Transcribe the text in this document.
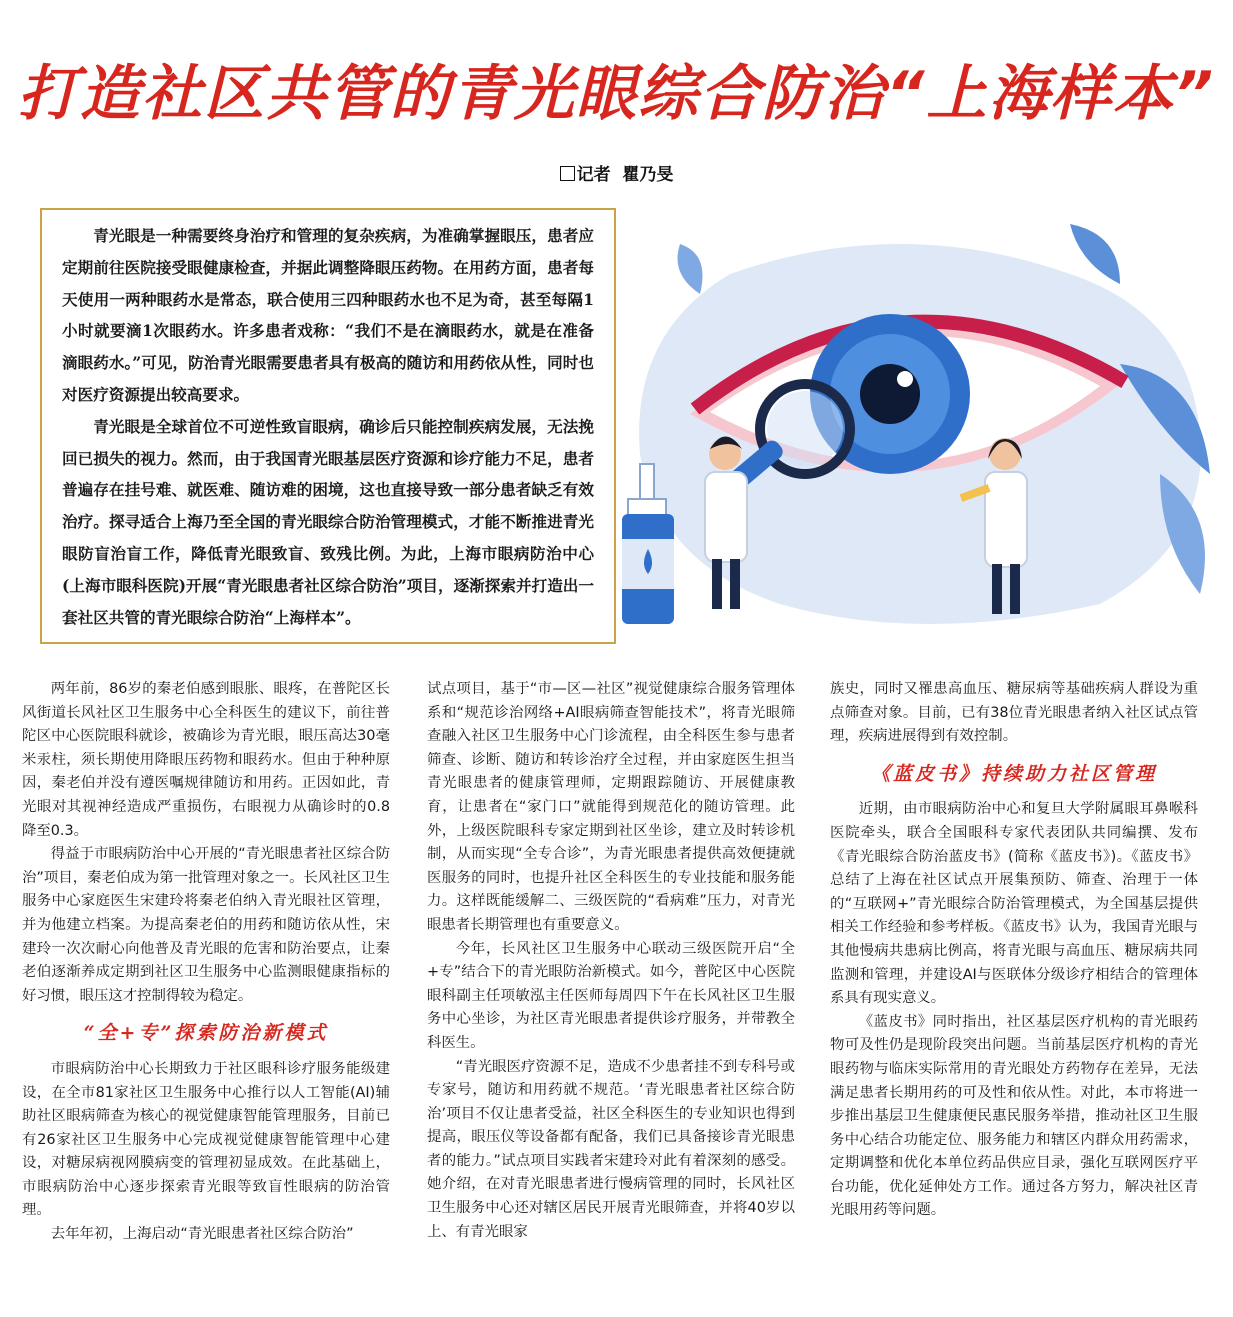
打造社区共管的青光眼综合防治“上海样本”
记者 瞿乃旻

青光眼是一种需要终身治疗和管理的复杂疾病，为准确掌握眼压，患者应定期前往医院接受眼健康检查，并据此调整降眼压药物。在用药方面，患者每天使用一两种眼药水是常态，联合使用三四种眼药水也不足为奇，甚至每隔1小时就要滴1次眼药水。许多患者戏称：“我们不是在滴眼药水，就是在准备滴眼药水。”可见，防治青光眼需要患者具有极高的随访和用药依从性，同时也对医疗资源提出较高要求。

青光眼是全球首位不可逆性致盲眼病，确诊后只能控制疾病发展，无法挽回已损失的视力。然而，由于我国青光眼基层医疗资源和诊疗能力不足，患者普遍存在挂号难、就医难、随访难的困境，这也直接导致一部分患者缺乏有效治疗。探寻适合上海乃至全国的青光眼综合防治管理模式，才能不断推进青光眼防盲治盲工作，降低青光眼致盲、致残比例。为此，上海市眼病防治中心(上海市眼科医院)开展“青光眼患者社区综合防治”项目，逐渐探索并打造出一套社区共管的青光眼综合防治“上海样本”。

两年前，86岁的秦老伯感到眼胀、眼疼，在普陀区长风街道长风社区卫生服务中心全科医生的建议下，前往普陀区中心医院眼科就诊，被确诊为青光眼，眼压高达30毫米汞柱，须长期使用降眼压药物和眼药水。但由于种种原因，秦老伯并没有遵医嘱规律随访和用药。正因如此，青光眼对其视神经造成严重损伤，右眼视力从确诊时的0.8降至0.3。

得益于市眼病防治中心开展的“青光眼患者社区综合防治”项目，秦老伯成为第一批管理对象之一。长风社区卫生服务中心家庭医生宋建玲将秦老伯纳入青光眼社区管理，并为他建立档案。为提高秦老伯的用药和随访依从性，宋建玲一次次耐心向他普及青光眼的危害和防治要点，让秦老伯逐渐养成定期到社区卫生服务中心监测眼健康指标的好习惯，眼压这才控制得较为稳定。

“全+专”探索防治新模式

市眼病防治中心长期致力于社区眼科诊疗服务能级建设，在全市81家社区卫生服务中心推行以人工智能(AI)辅助社区眼病筛查为核心的视觉健康智能管理服务，目前已有26家社区卫生服务中心完成视觉健康智能管理中心建设，对糖尿病视网膜病变的管理初显成效。在此基础上，市眼病防治中心逐步探索青光眼等致盲性眼病的防治管理。

去年年初，上海启动“青光眼患者社区综合防治”

试点项目，基于“市—区—社区”视觉健康综合服务管理体系和“规范诊治网络+AI眼病筛查智能技术”，将青光眼筛查融入社区卫生服务中心门诊流程，由全科医生参与患者筛查、诊断、随访和转诊治疗全过程，并由家庭医生担当青光眼患者的健康管理师，定期跟踪随访、开展健康教育，让患者在“家门口”就能得到规范化的随访管理。此外，上级医院眼科专家定期到社区坐诊，建立及时转诊机制，从而实现“全专合诊”，为青光眼患者提供高效便捷就医服务的同时，也提升社区全科医生的专业技能和服务能力。这样既能缓解二、三级医院的“看病难”压力，对青光眼患者长期管理也有重要意义。

今年，长风社区卫生服务中心联动三级医院开启“全+专”结合下的青光眼防治新模式。如今，普陀区中心医院眼科副主任项敏泓主任医师每周四下午在长风社区卫生服务中心坐诊，为社区青光眼患者提供诊疗服务，并带教全科医生。

“青光眼医疗资源不足，造成不少患者挂不到专科号或专家号，随访和用药就不规范。‘青光眼患者社区综合防治’项目不仅让患者受益，社区全科医生的专业知识也得到提高，眼压仪等设备都有配备，我们已具备接诊青光眼患者的能力。”试点项目实践者宋建玲对此有着深刻的感受。她介绍，在对青光眼患者进行慢病管理的同时，长风社区卫生服务中心还对辖区居民开展青光眼筛查，并将40岁以上、有青光眼家

族史，同时又罹患高血压、糖尿病等基础疾病人群设为重点筛查对象。目前，已有38位青光眼患者纳入社区试点管理，疾病进展得到有效控制。

《蓝皮书》持续助力社区管理

近期，由市眼病防治中心和复旦大学附属眼耳鼻喉科医院牵头，联合全国眼科专家代表团队共同编撰、发布《青光眼综合防治蓝皮书》(简称《蓝皮书》)。《蓝皮书》总结了上海在社区试点开展集预防、筛查、治理于一体的“互联网+”青光眼综合防治管理模式，为全国基层提供相关工作经验和参考样板。《蓝皮书》认为，我国青光眼与其他慢病共患病比例高，将青光眼与高血压、糖尿病共同监测和管理，并建设AI与医联体分级诊疗相结合的管理体系具有现实意义。

《蓝皮书》同时指出，社区基层医疗机构的青光眼药物可及性仍是现阶段突出问题。当前基层医疗机构的青光眼药物与临床实际常用的青光眼处方药物存在差异，无法满足患者长期用药的可及性和依从性。对此，本市将进一步推出基层卫生健康便民惠民服务举措，推动社区卫生服务中心结合功能定位、服务能力和辖区内群众用药需求，定期调整和优化本单位药品供应目录，强化互联网医疗平台功能，优化延伸处方工作。通过各方努力，解决社区青光眼用药等问题。
